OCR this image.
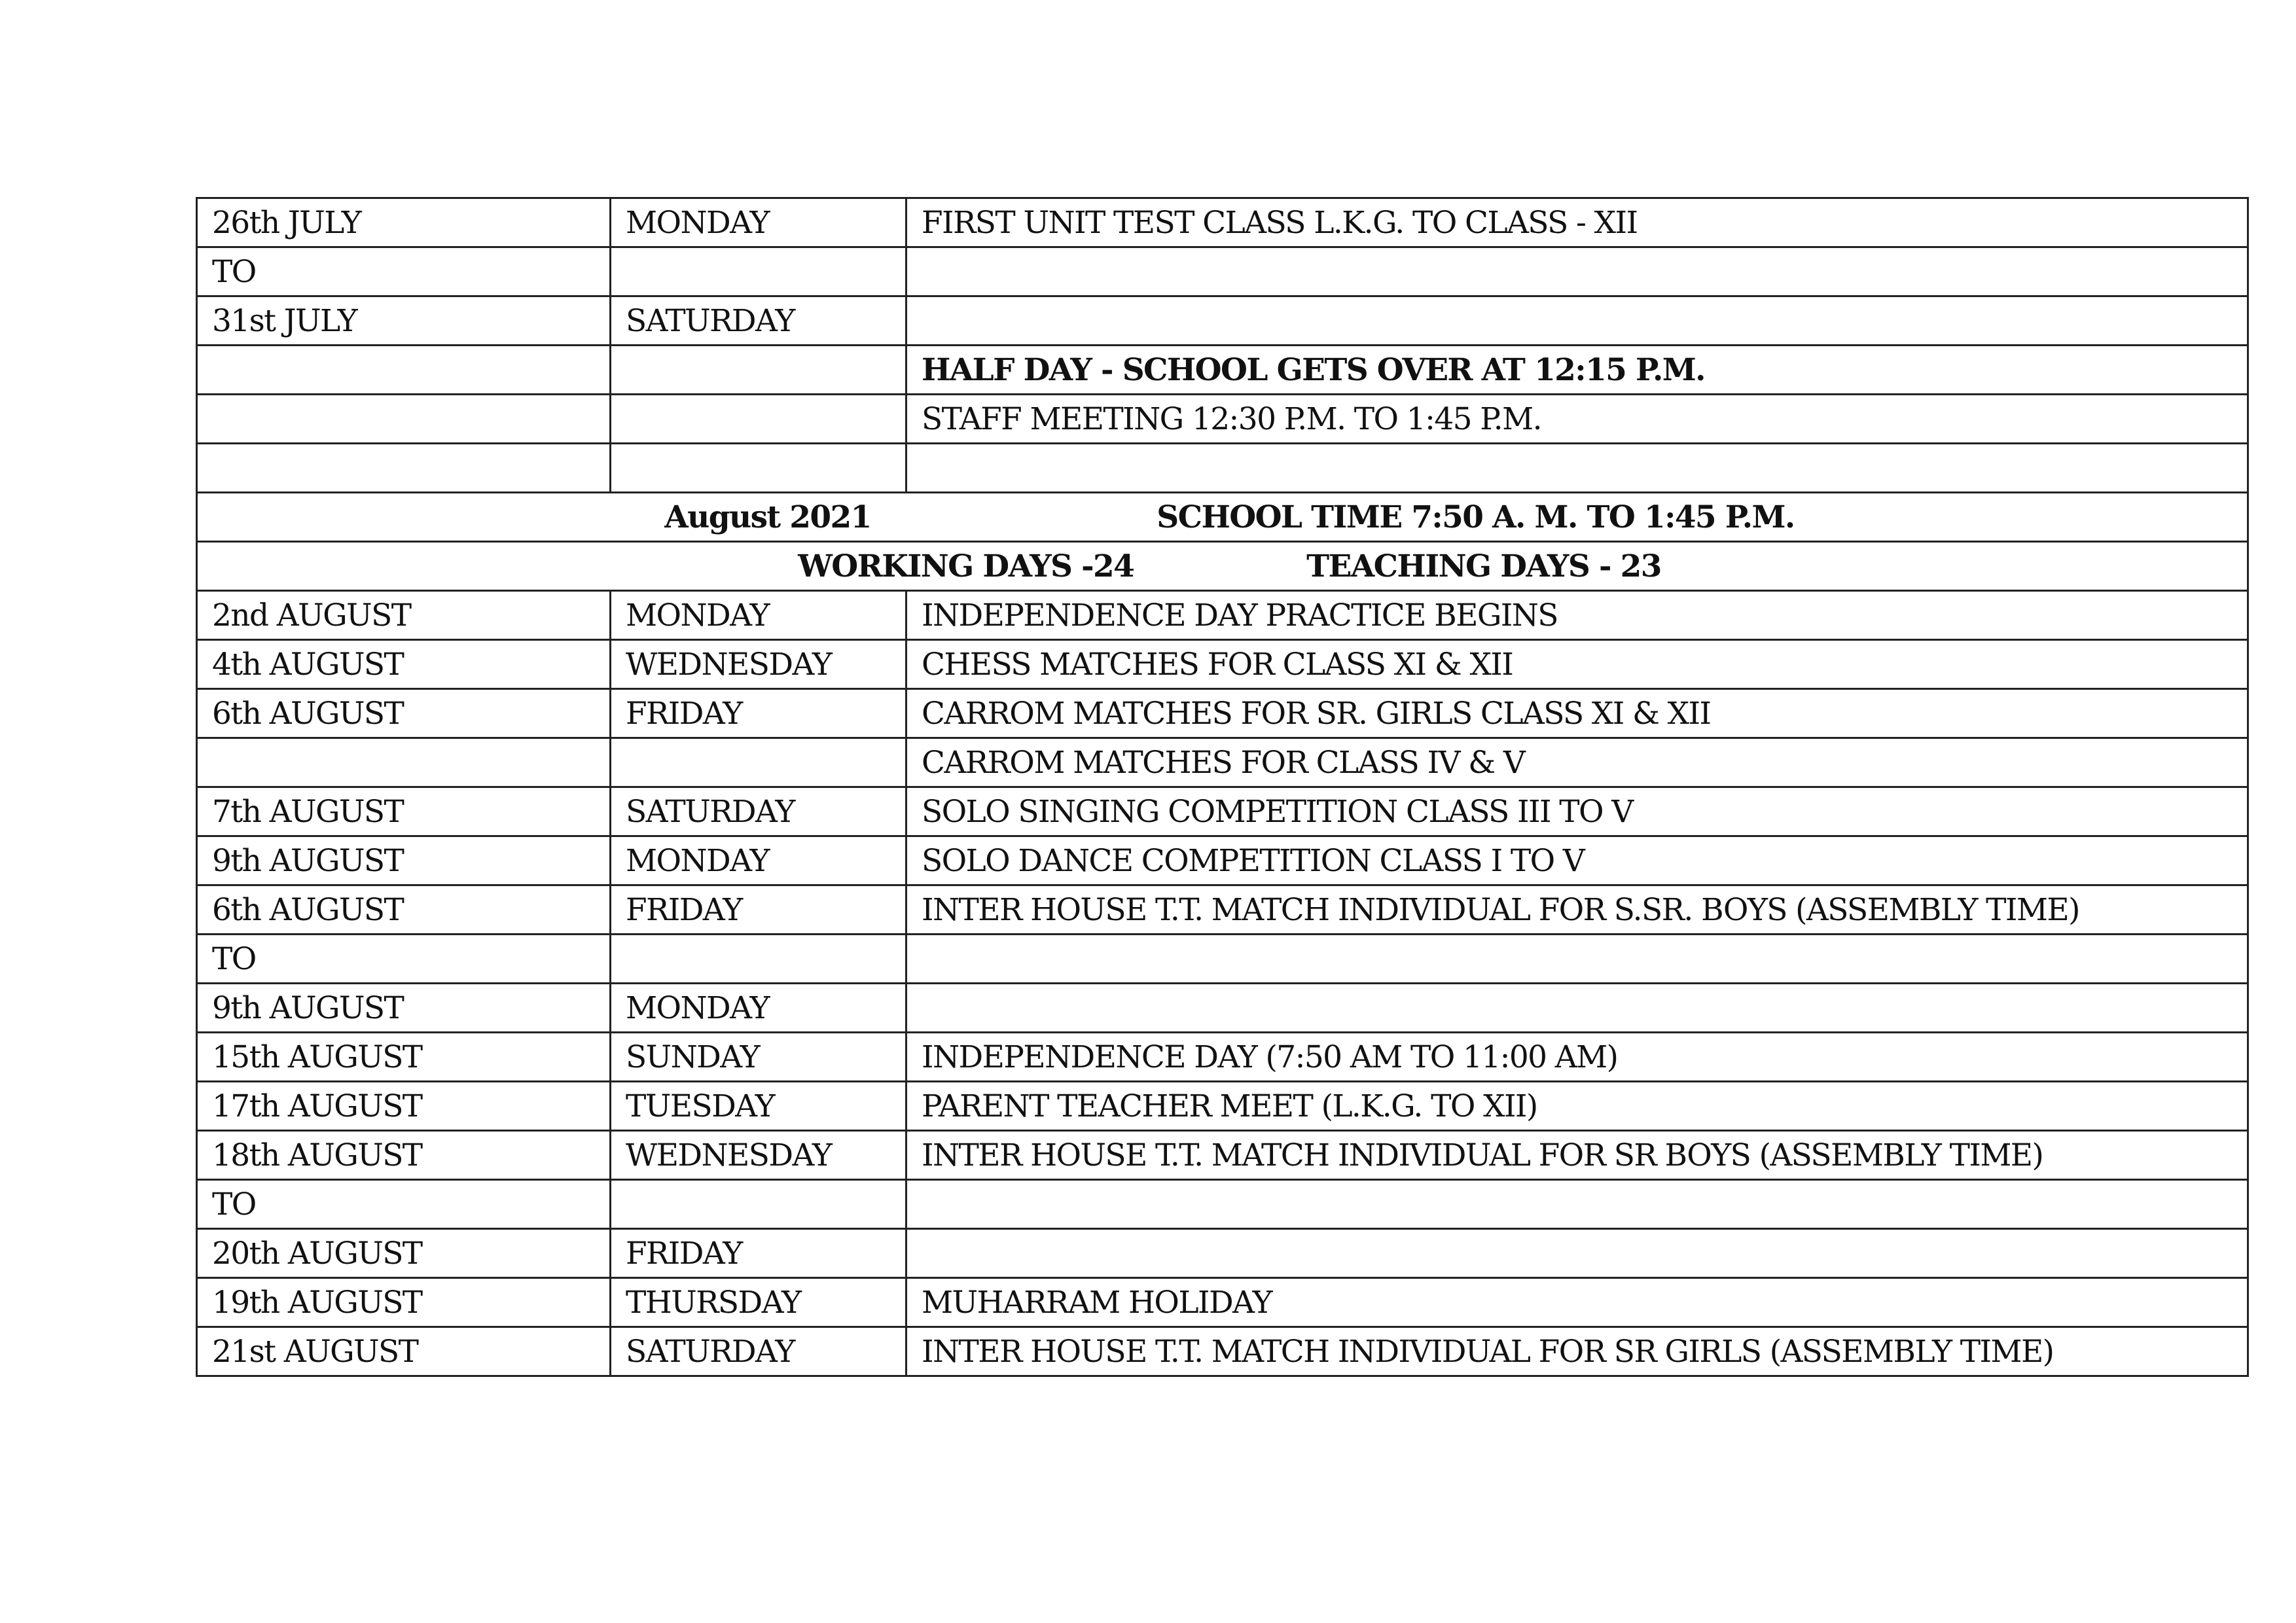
26th JULY	MONDAY	FIRST UNIT TEST CLASS L.K.G. TO CLASS - XII
TO		
31st JULY	SATURDAY	
		HALF DAY - SCHOOL GETS OVER AT 12:15 P.M.
		STAFF MEETING 12:30 P.M. TO 1:45 P.M.

August 2021 SCHOOL TIME 7:50 A. M. TO 1:45 P.M.		
WORKING DAYS -24 TEACHING DAYS - 23		
2nd AUGUST	MONDAY	INDEPENDENCE DAY PRACTICE BEGINS
4th AUGUST	WEDNESDAY	CHESS MATCHES FOR CLASS XI & XII
6th AUGUST	FRIDAY	CARROM MATCHES FOR SR. GIRLS CLASS XI & XII
		CARROM MATCHES FOR CLASS IV & V
7th AUGUST	SATURDAY	SOLO SINGING COMPETITION CLASS III TO V
9th AUGUST	MONDAY	SOLO DANCE COMPETITION CLASS I TO V
6th AUGUST	FRIDAY	INTER HOUSE T.T. MATCH INDIVIDUAL FOR S.SR. BOYS (ASSEMBLY TIME)
TO		
9th AUGUST	MONDAY	
15th AUGUST	SUNDAY	INDEPENDENCE DAY (7:50 AM TO 11:00 AM)
17th AUGUST	TUESDAY	PARENT TEACHER MEET (L.K.G. TO XII)
18th AUGUST	WEDNESDAY	INTER HOUSE T.T. MATCH INDIVIDUAL FOR SR BOYS (ASSEMBLY TIME)
TO		
20th AUGUST	FRIDAY	
19th AUGUST	THURSDAY	MUHARRAM HOLIDAY
21st AUGUST	SATURDAY	INTER HOUSE T.T. MATCH INDIVIDUAL FOR SR GIRLS (ASSEMBLY TIME)
